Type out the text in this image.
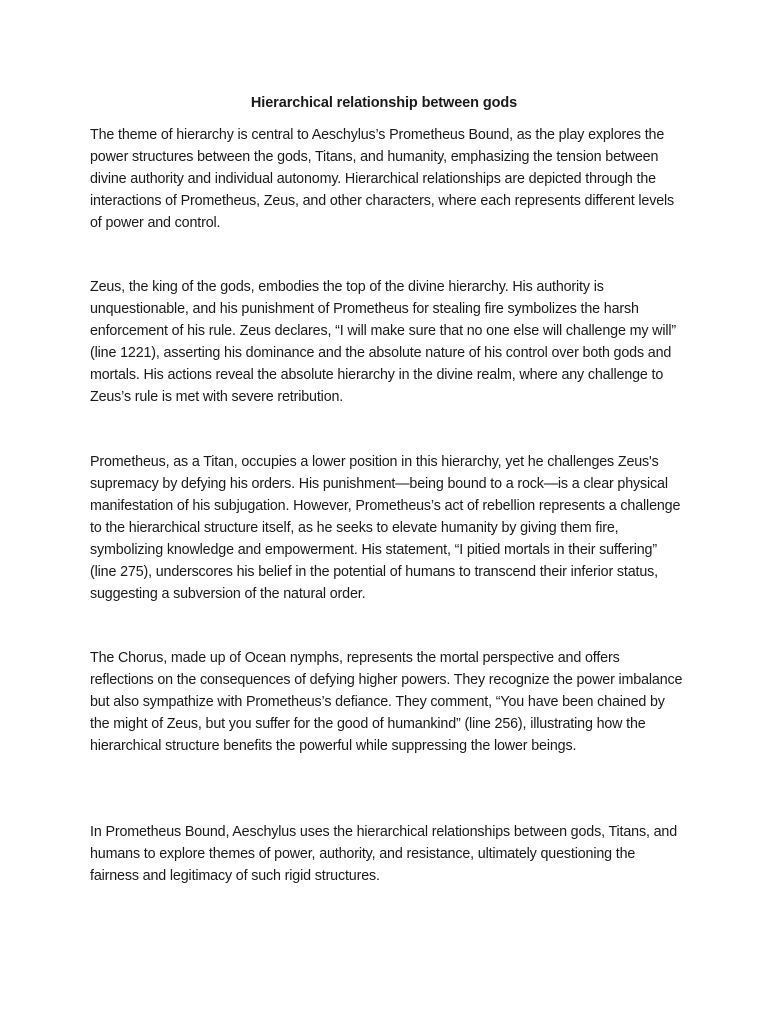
Hierarchical relationship between gods

The theme of hierarchy is central to Aeschylus’s Prometheus Bound, as the play explores the power structures between the gods, Titans, and humanity, emphasizing the tension between divine authority and individual autonomy. Hierarchical relationships are depicted through the interactions of Prometheus, Zeus, and other characters, where each represents different levels of power and control.

Zeus, the king of the gods, embodies the top of the divine hierarchy. His authority is unquestionable, and his punishment of Prometheus for stealing fire symbolizes the harsh enforcement of his rule. Zeus declares, “I will make sure that no one else will challenge my will” (line 1221), asserting his dominance and the absolute nature of his control over both gods and mortals. His actions reveal the absolute hierarchy in the divine realm, where any challenge to Zeus’s rule is met with severe retribution.

Prometheus, as a Titan, occupies a lower position in this hierarchy, yet he challenges Zeus's supremacy by defying his orders. His punishment—being bound to a rock—is a clear physical manifestation of his subjugation. However, Prometheus’s act of rebellion represents a challenge to the hierarchical structure itself, as he seeks to elevate humanity by giving them fire, symbolizing knowledge and empowerment. His statement, “I pitied mortals in their suffering” (line 275), underscores his belief in the potential of humans to transcend their inferior status, suggesting a subversion of the natural order.

The Chorus, made up of Ocean nymphs, represents the mortal perspective and offers reflections on the consequences of defying higher powers. They recognize the power imbalance but also sympathize with Prometheus’s defiance. They comment, “You have been chained by the might of Zeus, but you suffer for the good of humankind” (line 256), illustrating how the hierarchical structure benefits the powerful while suppressing the lower beings.

In Prometheus Bound, Aeschylus uses the hierarchical relationships between gods, Titans, and humans to explore themes of power, authority, and resistance, ultimately questioning the fairness and legitimacy of such rigid structures.
